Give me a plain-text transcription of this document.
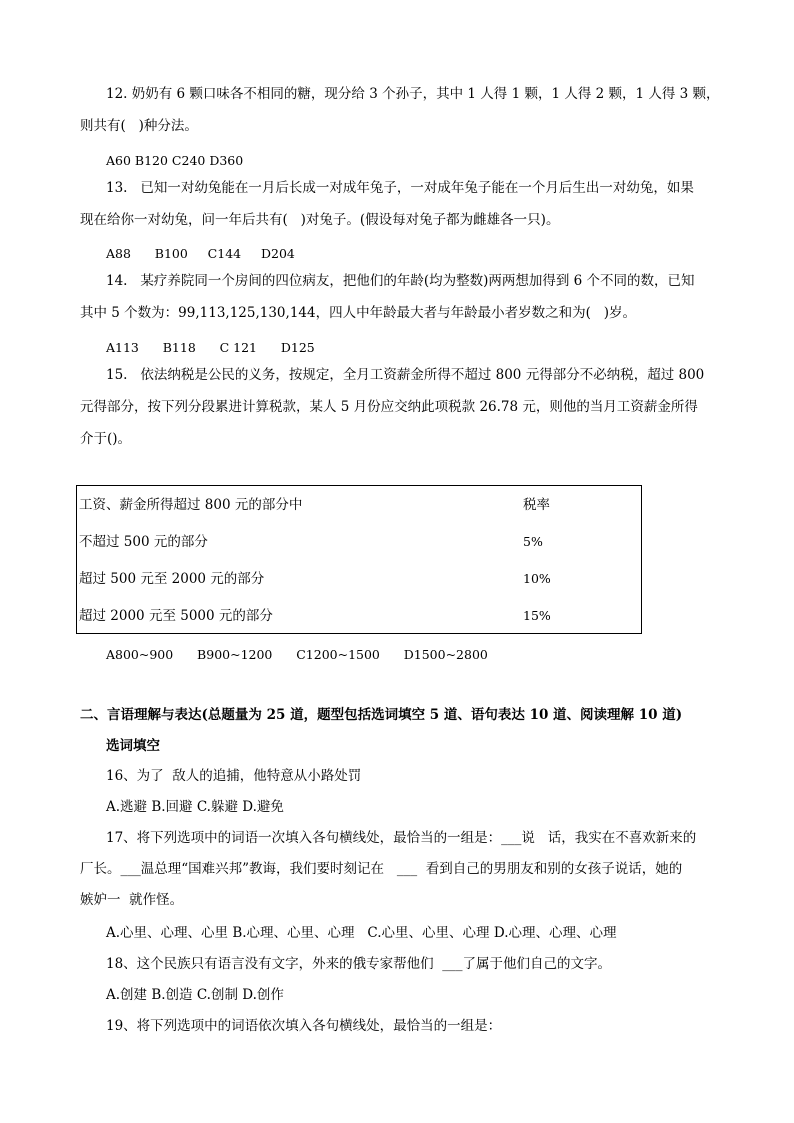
12. 奶奶有 6 颗口味各不相同的糖，现分给 3 个孙子，其中 1 人得 1 颗，1 人得 2 颗，1 人得 3 颗，
则共有(   )种分法。
A60 B120 C240 D360
13.   已知一对幼兔能在一月后长成一对成年兔子，一对成年兔子能在一个月后生出一对幼兔，如果
现在给你一对幼兔，问一年后共有(   )对兔子。(假设每对兔子都为雌雄各一只)。
A88      B100     C144     D204
14.   某疗养院同一个房间的四位病友，把他们的年龄(均为整数)两两想加得到 6 个不同的数，已知
其中 5 个数为：99,113,125,130,144，四人中年龄最大者与年龄最小者岁数之和为(   )岁。
A113      B118      C 121      D125
15.   依法纳税是公民的义务，按规定，全月工资薪金所得不超过 800 元得部分不必纳税，超过 800
元得部分，按下列分段累进计算税款，某人 5 月份应交纳此项税款 26.78 元，则他的当月工资薪金所得
介于()。
工资、薪金所得超过 800 元的部分中	税率
不超过 500 元的部分	5%
超过 500 元至 2000 元的部分	10%
超过 2000 元至 5000 元的部分	15%
A800~900      B900~1200      C1200~1500      D1500~2800
二、言语理解与表达(总题量为 25 道，题型包括选词填空 5 道、语句表达 10 道、阅读理解 10 道)
选词填空
16、为了  敌人的追捕，他特意从小路处罚
A.逃避 B.回避 C.躲避 D.避免
17、将下列选项中的词语一次填入各句横线处，最恰当的一组是：___说   话，我实在不喜欢新来的
厂长。___温总理“国难兴邦”教诲，我们要时刻记在   ___  看到自己的男朋友和别的女孩子说话，她的
嫉妒一  就作怪。
A.心里、心理、心里 B.心理、心里、心理   C.心里、心里、心理 D.心理、心理、心理
18、这个民族只有语言没有文字，外来的俄专家帮他们  ___了属于他们自己的文字。
A.创建 B.创造 C.创制 D.创作
19、将下列选项中的词语依次填入各句横线处，最恰当的一组是：
